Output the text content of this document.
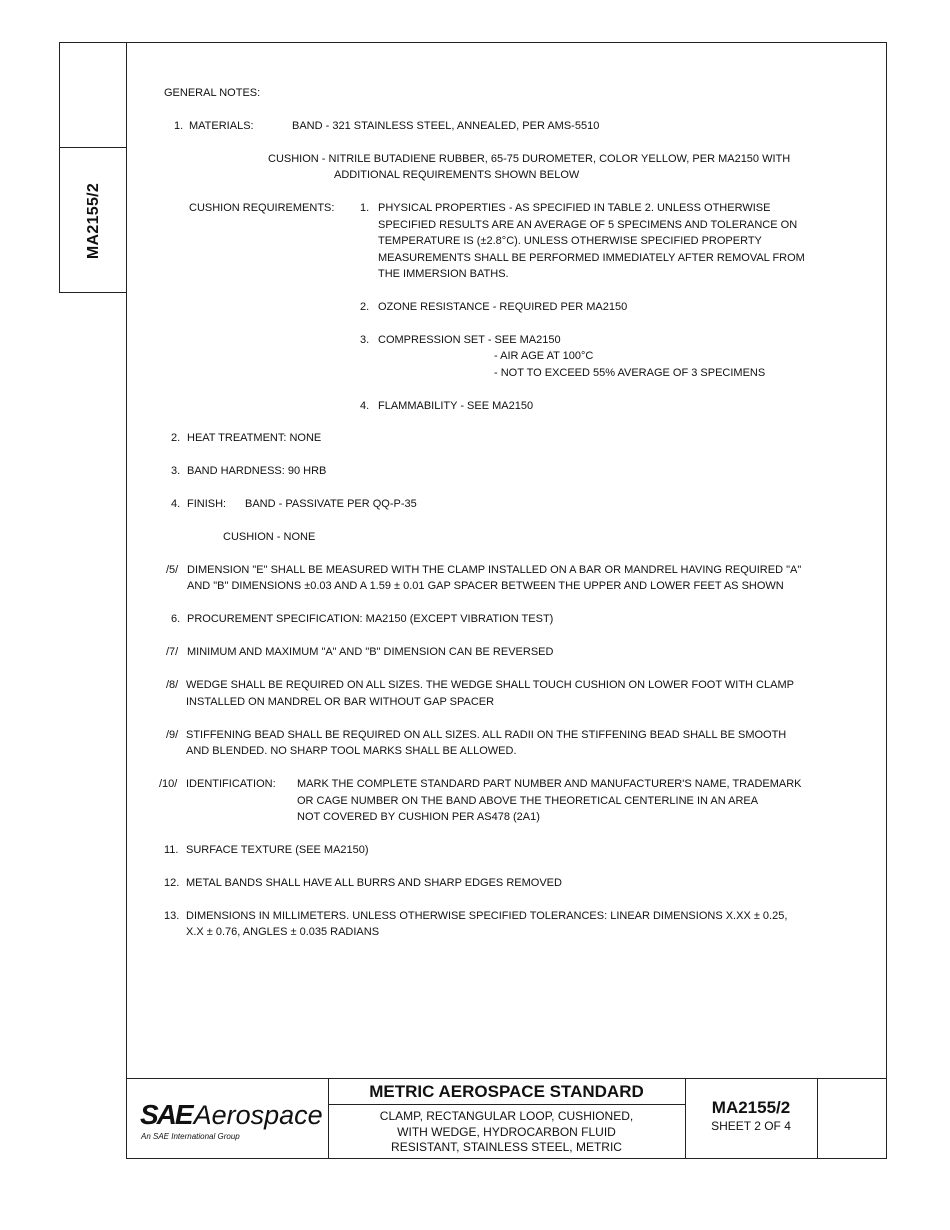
MA2155/2
GENERAL NOTES:
1. MATERIALS:	BAND - 321 STAINLESS STEEL, ANNEALED, PER AMS-5510
CUSHION - NITRILE BUTADIENE RUBBER, 65-75 DUROMETER, COLOR YELLOW, PER MA2150 WITH
ADDITIONAL REQUIREMENTS SHOWN BELOW
CUSHION REQUIREMENTS: 1. PHYSICAL PROPERTIES - AS SPECIFIED IN TABLE 2. UNLESS OTHERWISE
SPECIFIED RESULTS ARE AN AVERAGE OF 5 SPECIMENS AND TOLERANCE ON
TEMPERATURE IS (±2.8°C). UNLESS OTHERWISE SPECIFIED PROPERTY
MEASUREMENTS SHALL BE PERFORMED IMMEDIATELY AFTER REMOVAL FROM
THE IMMERSION BATHS.
2. OZONE RESISTANCE - REQUIRED PER MA2150
3. COMPRESSION SET - SEE MA2150
- AIR AGE AT 100°C
- NOT TO EXCEED 55% AVERAGE OF 3 SPECIMENS
4. FLAMMABILITY - SEE MA2150
2. HEAT TREATMENT: NONE
3. BAND HARDNESS: 90 HRB
4. FINISH: BAND - PASSIVATE PER QQ-P-35
CUSHION - NONE
/5/ DIMENSION "E" SHALL BE MEASURED WITH THE CLAMP INSTALLED ON A BAR OR MANDREL HAVING REQUIRED "A"
AND "B" DIMENSIONS ±0.03 AND A 1.59 ± 0.01 GAP SPACER BETWEEN THE UPPER AND LOWER FEET AS SHOWN
6. PROCUREMENT SPECIFICATION: MA2150 (EXCEPT VIBRATION TEST)
/7/ MINIMUM AND MAXIMUM "A" AND "B" DIMENSION CAN BE REVERSED
/8/ WEDGE SHALL BE REQUIRED ON ALL SIZES. THE WEDGE SHALL TOUCH CUSHION ON LOWER FOOT WITH CLAMP
INSTALLED ON MANDREL OR BAR WITHOUT GAP SPACER
/9/ STIFFENING BEAD SHALL BE REQUIRED ON ALL SIZES. ALL RADII ON THE STIFFENING BEAD SHALL BE SMOOTH
AND BLENDED. NO SHARP TOOL MARKS SHALL BE ALLOWED.
/10/ IDENTIFICATION: MARK THE COMPLETE STANDARD PART NUMBER AND MANUFACTURER'S NAME, TRADEMARK
OR CAGE NUMBER ON THE BAND ABOVE THE THEORETICAL CENTERLINE IN AN AREA
NOT COVERED BY CUSHION PER AS478 (2A1)
11. SURFACE TEXTURE (SEE MA2150)
12. METAL BANDS SHALL HAVE ALL BURRS AND SHARP EDGES REMOVED
13. DIMENSIONS IN MILLIMETERS. UNLESS OTHERWISE SPECIFIED TOLERANCES: LINEAR DIMENSIONS X.XX ± 0.25,
X.X ± 0.76, ANGLES ± 0.035 RADIANS
SAEAerospace
An SAE International Group
METRIC AEROSPACE STANDARD
CLAMP, RECTANGULAR LOOP, CUSHIONED,
WITH WEDGE, HYDROCARBON FLUID
RESISTANT, STAINLESS STEEL, METRIC
MA2155/2
SHEET 2 OF 4
